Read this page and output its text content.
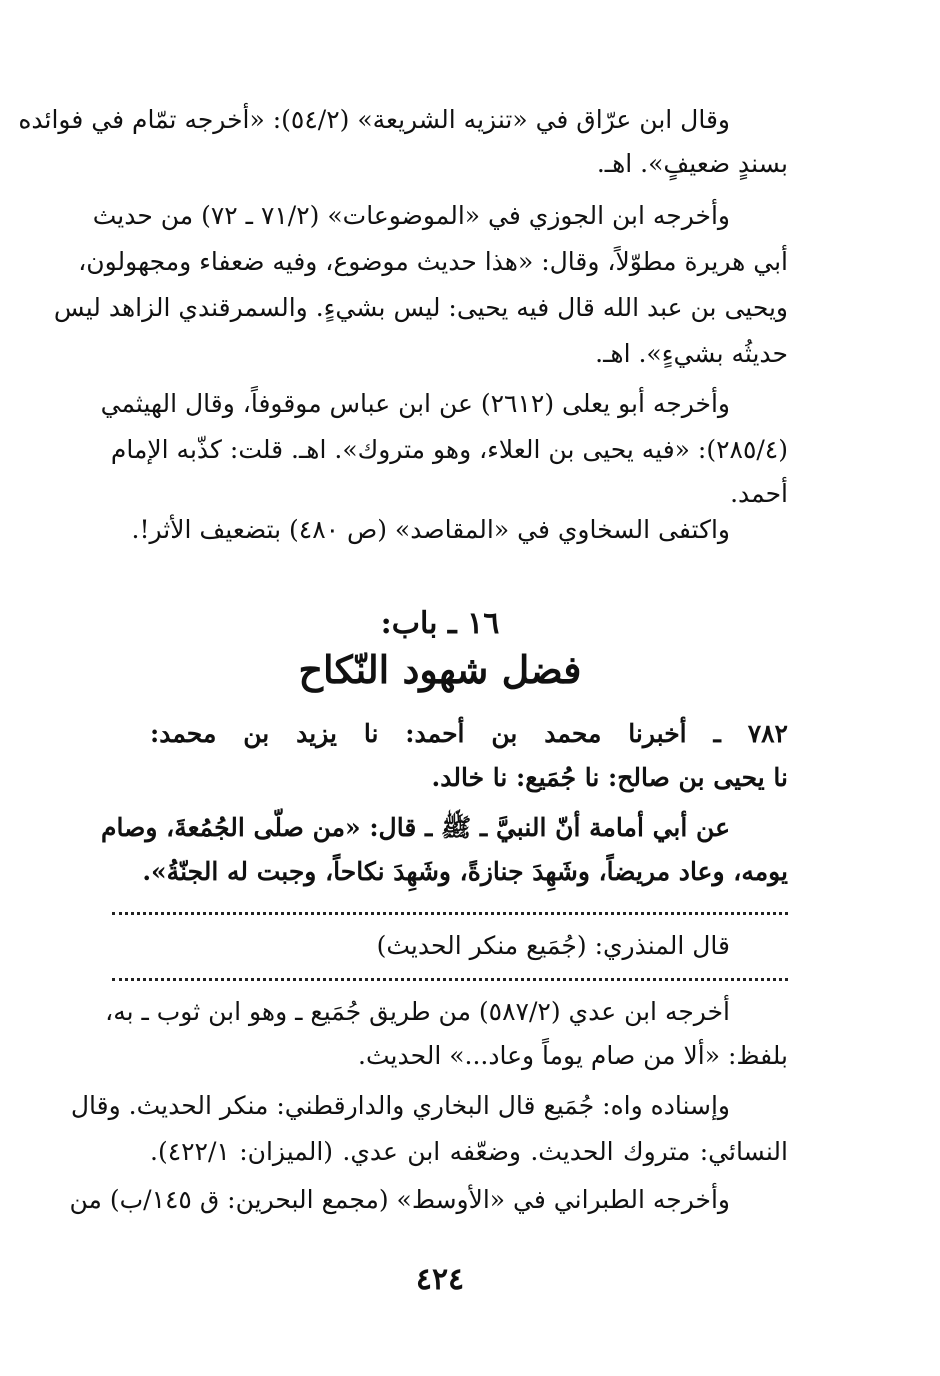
وقال ابن عرّاق في «تنزيه الشريعة» (٥٤/٢): «أخرجه تمّام في فوائده
بسندٍ ضعيفٍ». اهـ.
وأخرجه ابن الجوزي في «الموضوعات» (٧١/٢ ـ ٧٢) من حديث
أبي هريرة مطوّلاً، وقال: «هذا حديث موضوع، وفيه ضعفاء ومجهولون،
ويحيى بن عبد الله قال فيه يحيى: ليس بشيءٍ. والسمرقندي الزاهد ليس
حديثُه بشيءٍ». اهـ.
وأخرجه أبو يعلى (٢٦١٢) عن ابن عباس موقوفاً، وقال الهيثمي
(٢٨٥/٤): «فيه يحيى بن العلاء، وهو متروك». اهـ. قلت: كذّبه الإمام
أحمد.
واكتفى السخاوي في «المقاصد» (ص ٤٨٠) بتضعيف الأثر!.
١٦ ـ باب:
فضل شهود النّكاح
٧٨٢ ـ أخبرنا محمد بن أحمد: نا يزيد بن محمد:
نا يحيى بن صالح: نا جُمَيع: نا خالد.
عن أبي أمامة أنّ النبيَّ ـ ﷺ ـ قال: «من صلّى الجُمُعةَ، وصام
يومه، وعاد مريضاً، وشَهِدَ جنازةً، وشَهِدَ نكاحاً، وجبت له الجنّةُ».
قال المنذري: (جُمَيع منكر الحديث)
أخرجه ابن عدي (٥٨٧/٢) من طريق جُمَيع ـ وهو ابن ثوب ـ به،
بلفظ: «ألا من صام يوماً وعاد...» الحديث.
وإسناده واه: جُمَيع قال البخاري والدارقطني: منكر الحديث. وقال
النسائي: متروك الحديث. وضعّفه ابن عدي. (الميزان: ٤٢٢/١).
وأخرجه الطبراني في «الأوسط» (مجمع البحرين: ق ١٤٥/ب) من
٤٢٤
